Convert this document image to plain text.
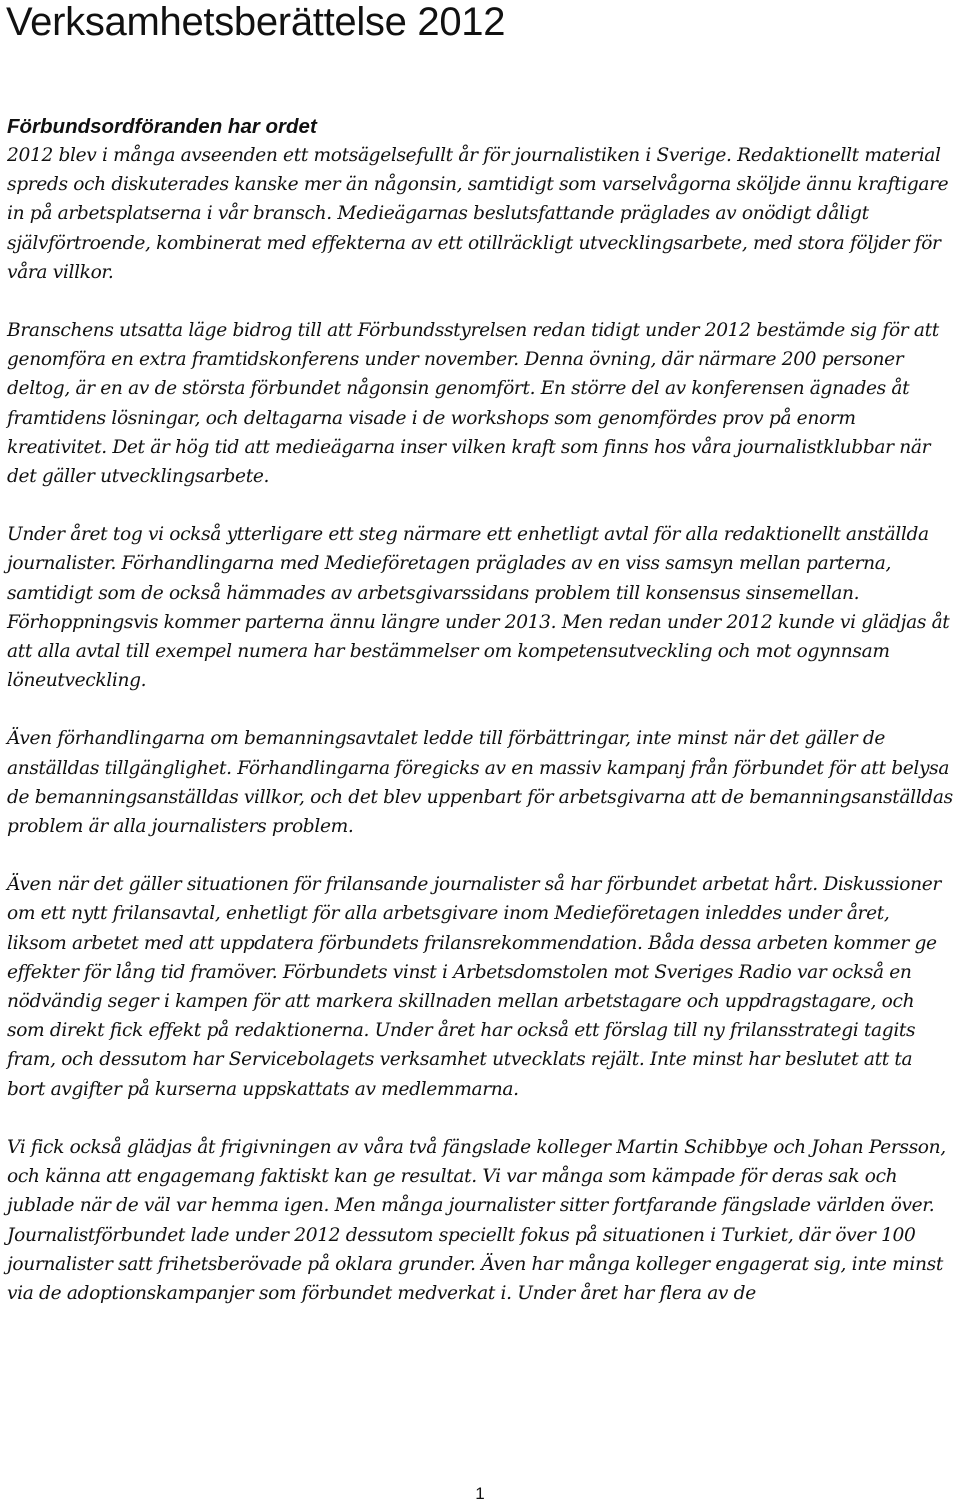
Verksamhetsberättelse 2012
Förbundsordföranden har ordet

2012 blev i många avseenden ett motsägelsefullt år för journalistiken i Sverige. Redaktionellt material spreds och diskuterades kanske mer än någonsin, samtidigt som varselvågorna sköljde ännu kraftigare in på arbetsplatserna i vår bransch. Medieägarnas beslutsfattande präglades av onödigt dåligt självförtroende, kombinerat med effekterna av ett otillräckligt utvecklingsarbete, med stora följder för våra villkor.

Branschens utsatta läge bidrog till att Förbundsstyrelsen redan tidigt under 2012 bestämde sig för att genomföra en extra framtidskonferens under november. Denna övning, där närmare 200 personer deltog, är en av de största förbundet någonsin genomfört. En större del av konferensen ägnades åt framtidens lösningar, och deltagarna visade i de workshops som genomfördes prov på enorm kreativitet. Det är hög tid att medieägarna inser vilken kraft som finns hos våra journalistklubbar när det gäller utvecklingsarbete.

Under året tog vi också ytterligare ett steg närmare ett enhetligt avtal för alla redaktionellt anställda journalister. Förhandlingarna med Medieföretagen präglades av en viss samsyn mellan parterna, samtidigt som de också hämmades av arbetsgivarssidans problem till konsensus sinsemellan. Förhoppningsvis kommer parterna ännu längre under 2013. Men redan under 2012 kunde vi glädjas åt att alla avtal till exempel numera har bestämmelser om kompetensutveckling och mot ogynnsam löneutveckling.

Även förhandlingarna om bemanningsavtalet ledde till förbättringar, inte minst när det gäller de anställdas tillgänglighet. Förhandlingarna föregicks av en massiv kampanj från förbundet för att belysa de bemanningsanställdas villkor, och det blev uppenbart för arbetsgivarna att de bemanningsanställdas problem är alla journalisters problem.

Även när det gäller situationen för frilansande journalister så har förbundet arbetat hårt. Diskussioner om ett nytt frilansavtal, enhetligt för alla arbetsgivare inom Medieföretagen inleddes under året, liksom arbetet med att uppdatera förbundets frilansrekommendation. Båda dessa arbeten kommer ge effekter för lång tid framöver. Förbundets vinst i Arbetsdomstolen mot Sveriges Radio var också en nödvändig seger i kampen för att markera skillnaden mellan arbetstagare och uppdragstagare, och som direkt fick effekt på redaktionerna. Under året har också ett förslag till ny frilansstrategi tagits fram, och dessutom har Servicebolagets verksamhet utvecklats rejält. Inte minst har beslutet att ta bort avgifter på kurserna uppskattats av medlemmarna.

Vi fick också glädjas åt frigivningen av våra två fängslade kolleger Martin Schibbye och Johan Persson, och känna att engagemang faktiskt kan ge resultat. Vi var många som kämpade för deras sak och jublade när de väl var hemma igen. Men många journalister sitter fortfarande fängslade världen över. Journalistförbundet lade under 2012 dessutom speciellt fokus på situationen i Turkiet, där över 100 journalister satt frihetsberövade på oklara grunder. Även har många kolleger engagerat sig, inte minst via de adoptionskampanjer som förbundet medverkat i. Under året har flera av de

1
